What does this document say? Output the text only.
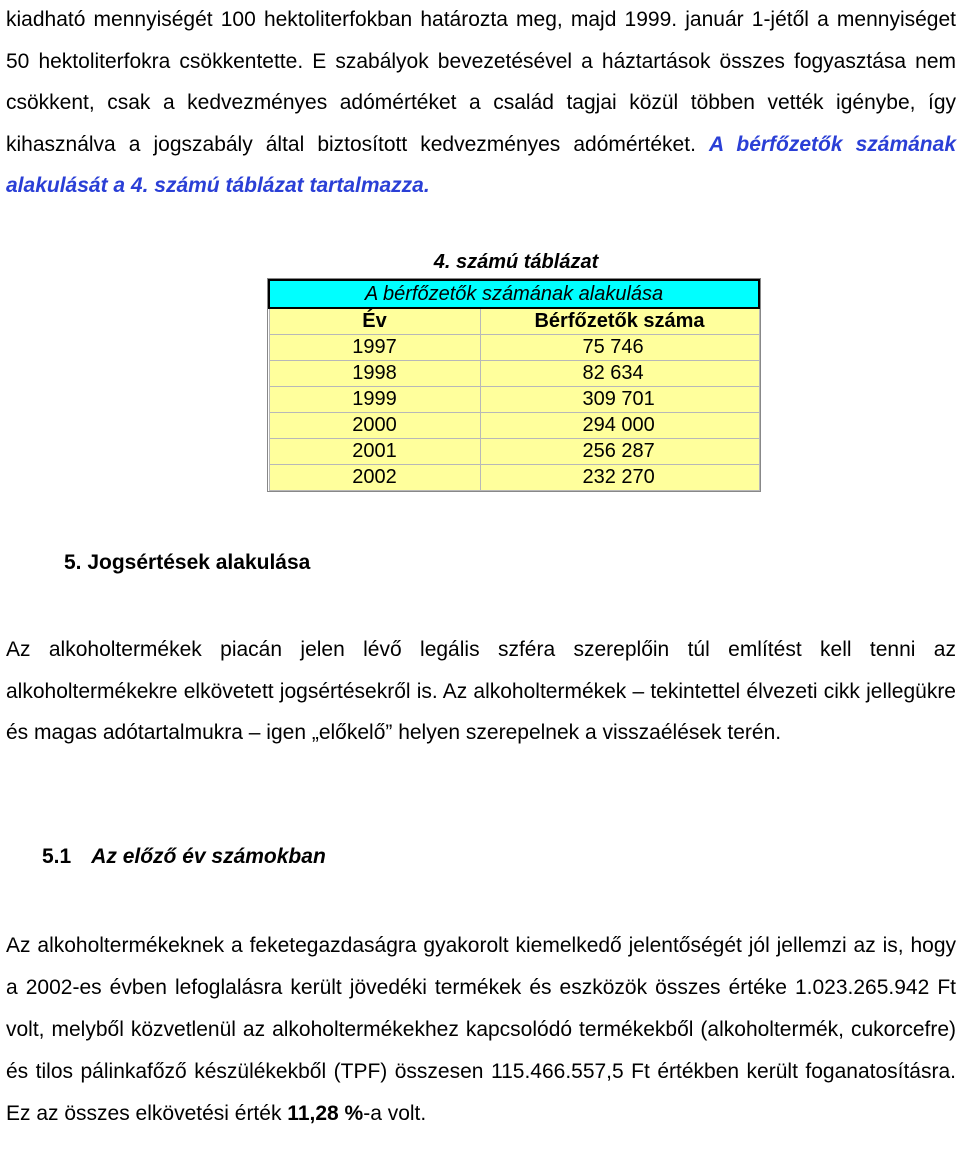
kiadható mennyiségét 100 hektoliterfokban határozta meg, majd 1999. január 1-jétől a mennyiséget 50 hektoliterfokra csökkentette. E szabályok bevezetésével a háztartások összes fogyasztása nem csökkent, csak a kedvezményes adómértéket a család tagjai közül többen vették igénybe, így kihasználva a jogszabály által biztosított kedvezményes adómértéket. A bérfőzetők számának alakulását a 4. számú táblázat tartalmazza.

4. számú táblázat
A bérfőzetők számának alakulása	
Év	Bérfőzetők száma
1997	75 746
1998	82 634
1999	309 701
2000	294 000
2001	256 287
2002	232 270
5. Jogsértések alakulása

Az alkoholtermékek piacán jelen lévő legális szféra szereplőin túl említést kell tenni az alkoholtermékekre elkövetett jogsértésekről is. Az alkoholtermékek – tekintettel élvezeti cikk jellegükre és magas adótartalmukra – igen „előkelő” helyen szerepelnek a visszaélések terén.

5.1 Az előző év számokban

Az alkoholtermékeknek a feketegazdaságra gyakorolt kiemelkedő jelentőségét jól jellemzi az is, hogy a 2002-es évben lefoglalásra került jövedéki termékek és eszközök összes értéke 1.023.265.942 Ft volt, melyből közvetlenül az alkoholtermékekhez kapcsolódó termékekből (alkoholtermék, cukorcefre) és tilos pálinkafőző készülékekből (TPF) összesen 115.466.557,5 Ft értékben került foganatosításra. Ez az összes elkövetési érték 11,28 %-a volt.
